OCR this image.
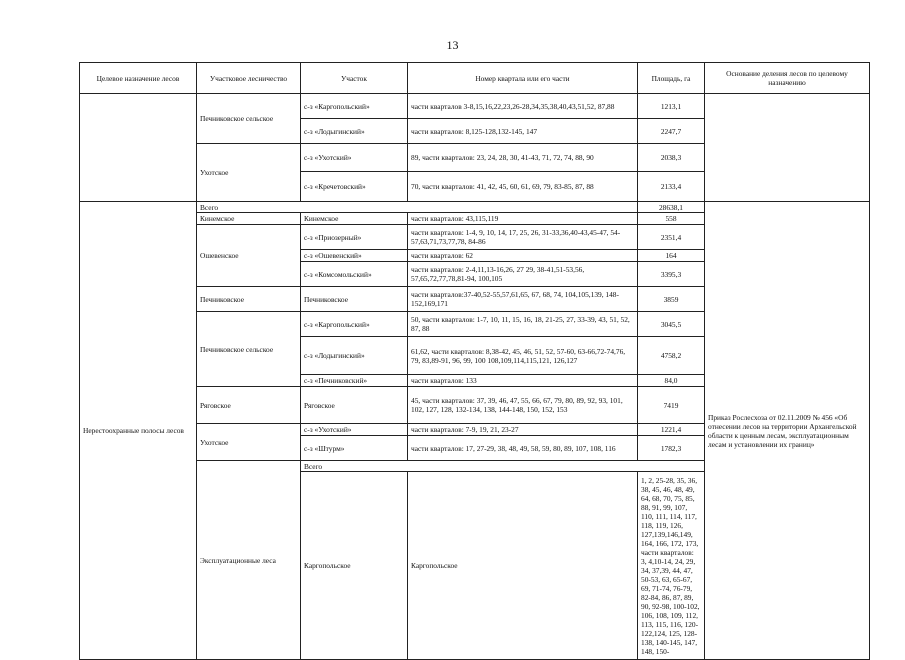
13
Целевое назначение лесов	Участковое лесничество	Участок	Номер квартала или его части	Площадь, га	Основание деления лесов по целевому назначению	
	Печниковское сельское	с-з «Каргопольский»	части кварталов 3-8,15,16,22,23,26-28,34,35,38,40,43,51,52, 87,88	1213,1		
		с-з «Лодыгинский»	части кварталов: 8,125-128,132-145, 147	2247,7		
	Ухотское	с-з «Ухотский»	89, части кварталов: 23, 24, 28, 30, 41-43, 71, 72, 74, 88, 90	2038,3		
		с-з «Кречетовский»	70, части кварталов: 41, 42, 45, 60, 61, 69, 79, 83-85, 87, 88	2133,4		
Нерестоохранные полосы лесов	Всего			28638,1	Приказ Рослесхоза от 02.11.2009 № 456 «Об отнесении лесов на территории Архангельской области к ценным лесам, эксплуатационным лесам и установлении их границ»	
	Кинемское	Кинемское	части кварталов: 43,115,119	558		
	Ошевенское	с-з «Приозерный»	части кварталов: 1-4, 9, 10, 14, 17, 25, 26, 31-33,36,40-43,45-47, 54-57,63,71,73,77,78, 84-86	2351,4		
		с-з «Ошевенский»	части кварталов: 62	164		
		с-з «Комсомольский»	части кварталов: 2-4,11,13-16,26, 27 29, 38-41,51-53,56, 57,65,72,77,78,81-94, 100,105	3395,3		
	Печниковское	Печниковское	части кварталов:37-40,52-55,57,61,65, 67, 68, 74, 104,105,139, 148-152,169,171	3859		
	Печниковское сельское	с-з «Каргопольский»	50, части кварталов: 1-7, 10, 11, 15, 16, 18, 21-25, 27, 33-39, 43, 51, 52, 87, 88	3045,5		
		с-з «Лодыгинский»	61,62, части кварталов: 8,38-42, 45, 46, 51, 52, 57-60, 63-66,72-74,76, 79, 83,89-91, 96, 99, 100 108,109,114,115,121, 126,127	4758,2		
		с-з «Печниковский»	части кварталов: 133	84,0		
	Ряговское	Ряговское	45, части кварталов: 37, 39, 46, 47, 55, 66, 67, 79, 80, 89, 92, 93, 101, 102, 127, 128, 132-134, 138, 144-148, 150, 152, 153	7419		
	Ухотское	с-з «Ухотский»	части кварталов: 7-9, 19, 21, 23-27	1221,4		
		с-з «Штурм»	части кварталов: 17, 27-29, 38, 48, 49, 58, 59, 80, 89, 107, 108, 116	1782,3		
	Эксплуатационные леса	Всего		
		Каргопольское	Каргопольское	1, 2, 25-28, 35, 36, 38, 45, 46, 48, 49, 64, 68, 70, 75, 85, 88, 91, 99, 107, 110, 111, 114, 117, 118, 119, 126, 127,139,146,149, 164, 166, 172, 173, части кварталов: 3, 4,10-14, 24, 29, 34, 37,39, 44, 47, 50-53, 63, 65-67, 69, 71-74, 76-79, 82-84, 86, 87, 89, 90, 92-98, 100-102, 106, 108, 109, 112, 113, 115, 116, 120-122,124, 125, 128-138, 140-145, 147, 148, 150-	
